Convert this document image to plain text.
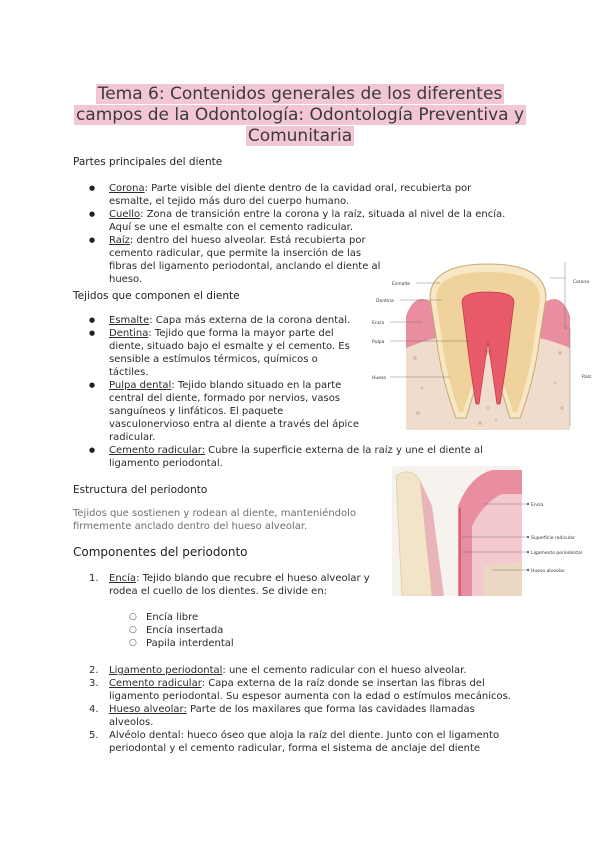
Tema 6: Contenidos generales de los diferentes campos de la Odontología: Odontología Preventiva y Comunitaria
Partes principales del diente
● Corona: Parte visible del diente dentro de la cavidad oral, recubierta por esmalte, el tejido más duro del cuerpo humano.
● Cuello: Zona de transición entre la corona y la raíz, situada al nivel de la encía. Aquí se une el esmalte con el cemento radicular.
● Raíz: dentro del hueso alveolar. Está recubierta por cemento radicular, que permite la inserción de las fibras del ligamento periodontal, anclando el diente al hueso.
Tejidos que componen el diente
● Esmalte: Capa más externa de la corona dental.
● Dentina: Tejido que forma la mayor parte del diente, situado bajo el esmalte y el cemento. Es sensible a estímulos térmicos, químicos o táctiles.
● Pulpa dental: Tejido blando situado en la parte central del diente, formado por nervios, vasos sanguíneos y linfáticos. El paquete vasculonervioso entra al diente a través del ápice radicular.
● Cemento radicular: Cubre la superficie externa de la raíz y une el diente al ligamento periodontal.
Estructura del periodonto
Tejidos que sostienen y rodean al diente, manteniéndolo firmemente anclado dentro del hueso alveolar.
Componentes del periodonto
1. Encía: Tejido blando que recubre el hueso alveolar y rodea el cuello de los dientes. Se divide en:
○ Encía libre
○ Encía insertada
○ Papila interdental
2. Ligamento periodontal: une el cemento radicular con el hueso alveolar.
3. Cemento radicular: Capa externa de la raíz donde se insertan las fibras del ligamento periodontal. Su espesor aumenta con la edad o estímulos mecánicos.
4. Hueso alveolar: Parte de los maxilares que forma las cavidades llamadas alveolos.
5. Alvéolo dental: hueco óseo que aloja la raíz del diente. Junto con el ligamento periodontal y el cemento radicular, forma el sistema de anclaje del diente
Esmalte
Dentina
Encía
Pulpa
Hueso
Corona
Raíz
Encía
Superficie radicular
Ligamento periodontal
Hueso alveolar
